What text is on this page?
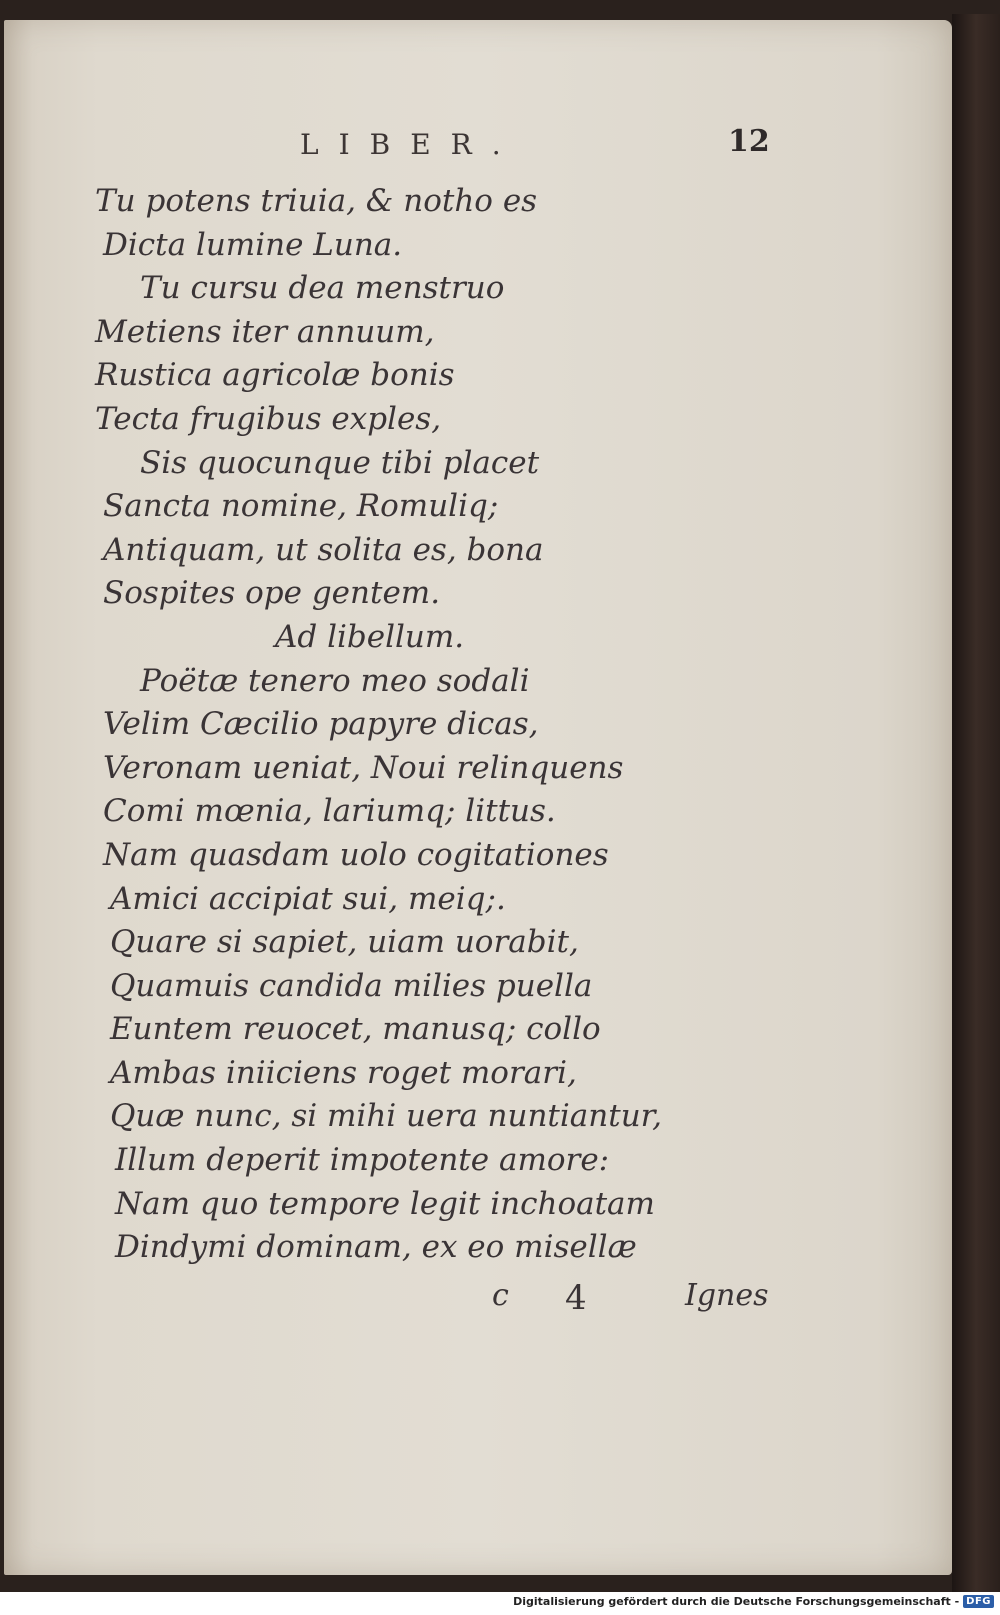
LIBER.	12
Tu potens triuia, & notho es
Dicta lumine Luna.
Tu cursu dea menstruo
Metiens iter annuum,
Rustica agricolæ bonis
Tecta frugibus exples,
Sis quocunque tibi placet
Sancta nomine, Romuliq;
Antiquam, ut solita es, bona
Sospites ope gentem.
Ad libellum.
Poëtæ tenero meo sodali
Velim Cæcilio papyre dicas,
Veronam ueniat, Noui relinquens
Comi mœnia, lariumq; littus.
Nam quasdam uolo cogitationes
Amici accipiat sui, meiq;.
Quare si sapiet, uiam uorabit,
Quamuis candida milies puella
Euntem reuocet, manusq; collo
Ambas iniiciens roget morari,
Quæ nunc, si mihi uera nuntiantur,
Illum deperit impotente amore:
Nam quo tempore legit inchoatam
Dindymi dominam, ex eo misellæ
c 4	Ignes
Digitalisierung gefördert durch die Deutsche Forschungsgemeinschaft - DFG
